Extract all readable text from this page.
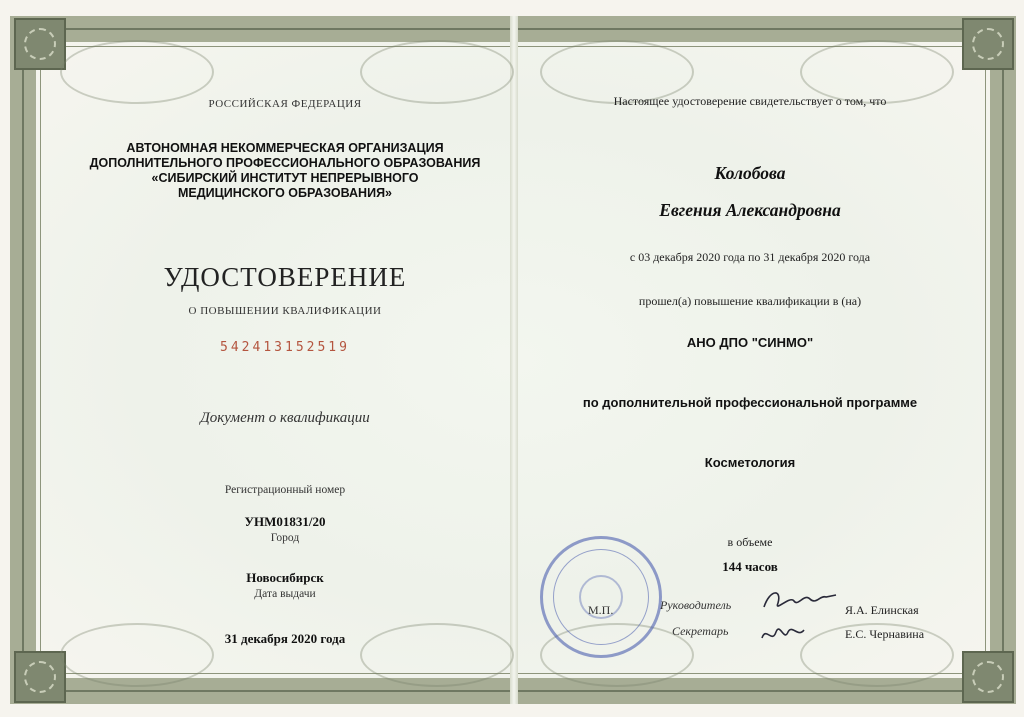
РОССИЙСКАЯ ФЕДЕРАЦИЯ
АВТОНОМНАЯ НЕКОММЕРЧЕСКАЯ ОРГАНИЗАЦИЯ
ДОПОЛНИТЕЛЬНОГО ПРОФЕССИОНАЛЬНОГО ОБРАЗОВАНИЯ
«СИБИРСКИЙ ИНСТИТУТ НЕПРЕРЫВНОГО
МЕДИЦИНСКОГО ОБРАЗОВАНИЯ»
УДОСТОВЕРЕНИЕ
О ПОВЫШЕНИИ КВАЛИФИКАЦИИ
542413152519
Документ о квалификации
Регистрационный номер
УНМ01831/20
Город
Новосибирск
Дата выдачи
31 декабря 2020 года
Настоящее удостоверение свидетельствует о том, что
Колобова
Евгения Александровна
с 03 декабря 2020 года по 31 декабря 2020 года
прошел(а) повышение квалификации в (на)
АНО ДПО "СИНМО"
по дополнительной профессиональной программе
Косметология
в объеме
144 часов
М.П.	Руководитель	Я.А. Елинская
Секретарь	Е.С. Чернавина
